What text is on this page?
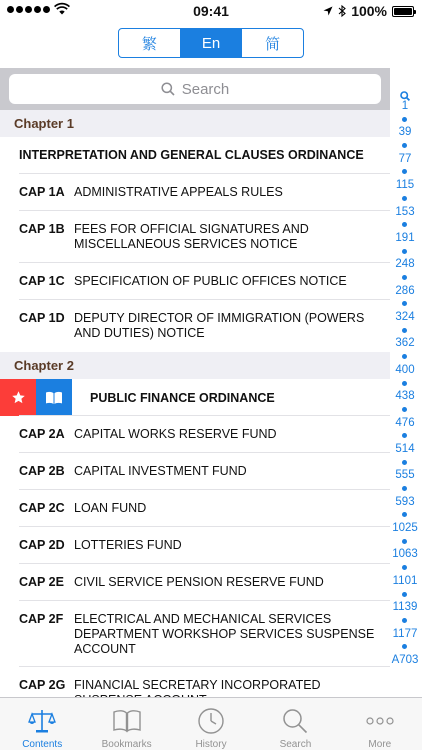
09:41	100%
繁	En	简
Search
Chapter 1
INTERPRETATION AND GENERAL CLAUSES ORDINANCE
CAP 1A ADMINISTRATIVE APPEALS RULES
CAP 1B FEES FOR OFFICIAL SIGNATURES AND MISCELLANEOUS SERVICES NOTICE
CAP 1C SPECIFICATION OF PUBLIC OFFICES NOTICE
CAP 1D DEPUTY DIRECTOR OF IMMIGRATION (POWERS AND DUTIES) NOTICE
Chapter 2
PUBLIC FINANCE ORDINANCE
CAP 2A CAPITAL WORKS RESERVE FUND
CAP 2B CAPITAL INVESTMENT FUND
CAP 2C LOAN FUND
CAP 2D LOTTERIES FUND
CAP 2E CIVIL SERVICE PENSION RESERVE FUND
CAP 2F ELECTRICAL AND MECHANICAL SERVICES DEPARTMENT WORKSHOP SERVICES SUSPENSE ACCOUNT
CAP 2G FINANCIAL SECRETARY INCORPORATED
1
39
77
115
153
191
248
286
324
362
400
438
476
514
555
593
1025
1063
1101
1139
1177
A703
Contents	Bookmarks	History	Search	More
